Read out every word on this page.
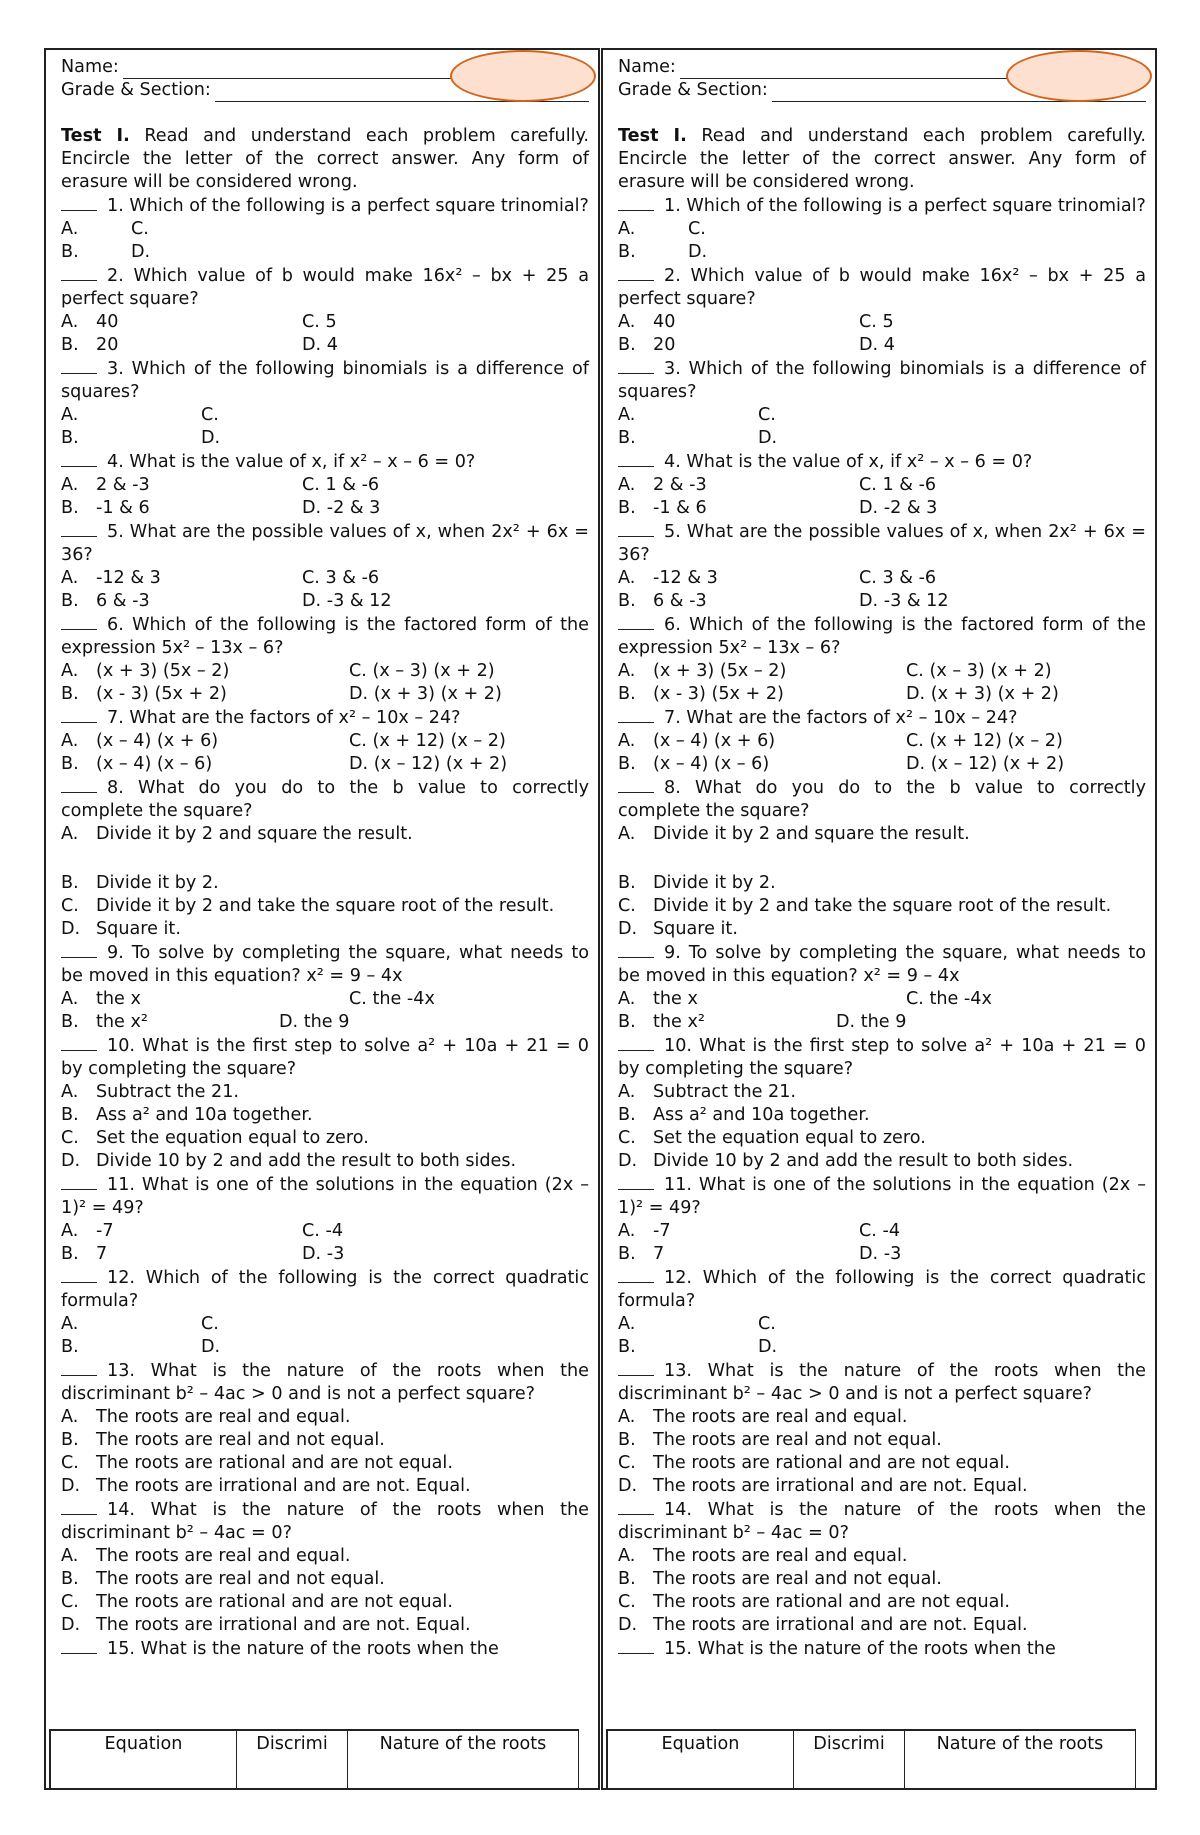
Name:
Grade & Section:
Test I. Read and understand each problem carefully. Encircle the letter of the correct answer. Any form of erasure will be considered wrong.
1. Which of the following is a perfect square trinomial?
A.	C.
B.	D.
2. Which value of b would make 16x² – bx + 25 a perfect square?
A.	40	C. 5
B. 20	D. 4
3. Which of the following binomials is a difference of squares?
A.	C.
B.	D.
4. What is the value of x, if x² – x – 6 = 0?
A.	2 & -3	C. 1 & -6
B. -1 & 6	D. -2 & 3
5. What are the possible values of x, when 2x² + 6x = 36?
A.	-12 & 3	C. 3 & -6
B. 6 & -3	D. -3 & 12
6. Which of the following is the factored form of the expression 5x² – 13x – 6?
A.	(x + 3) (5x – 2)	C. (x – 3) (x + 2)
B. (x - 3) (5x + 2)	D. (x + 3) (x + 2)
7. What are the factors of x² – 10x – 24?
A.	(x – 4) (x + 6)	C. (x + 12) (x – 2)
B. (x – 4) (x – 6)	D. (x – 12) (x + 2)
8. What do you do to the b value to correctly complete the square?
A.	Divide it by 2 and square the result.
B. Divide it by 2.
C. Divide it by 2 and take the square root of the result.
D. Square it.
9. To solve by completing the square, what needs to be moved in this equation? x² = 9 – 4x
A.	the x	C. the -4x
B. the x²	D. the 9
10. What is the first step to solve a² + 10a + 21 = 0 by completing the square?
A.	Subtract the 21.
B. Ass a² and 10a together.
C. Set the equation equal to zero.
D. Divide 10 by 2 and add the result to both sides.
11. What is one of the solutions in the equation (2x – 1)² = 49?
A.	-7	C. -4
B. 7	D. -3
12. Which of the following is the correct quadratic formula?
A.	C.
B.	D.
13. What is the nature of the roots when the discriminant b² – 4ac > 0 and is not a perfect square?
A.	The roots are real and equal.
B. The roots are real and not equal.
C. The roots are rational and are not equal.
D. The roots are irrational and are not. Equal.
14. What is the nature of the roots when the discriminant b² – 4ac = 0?
A.	The roots are real and equal.
B. The roots are real and not equal.
C. The roots are rational and are not equal.
D. The roots are irrational and are not. Equal.
15. What is the nature of the roots when the
Equation	Discrimi	Nature of the roots
Name:
Grade & Section:
Test I. Read and understand each problem carefully. Encircle the letter of the correct answer. Any form of erasure will be considered wrong.
1. Which of the following is a perfect square trinomial?
A.	C.
B.	D.
2. Which value of b would make 16x² – bx + 25 a perfect square?
A.	40	C. 5
B. 20	D. 4
3. Which of the following binomials is a difference of squares?
A.	C.
B.	D.
4. What is the value of x, if x² – x – 6 = 0?
A.	2 & -3	C. 1 & -6
B. -1 & 6	D. -2 & 3
5. What are the possible values of x, when 2x² + 6x = 36?
A.	-12 & 3	C. 3 & -6
B. 6 & -3	D. -3 & 12
6. Which of the following is the factored form of the expression 5x² – 13x – 6?
A.	(x + 3) (5x – 2)	C. (x – 3) (x + 2)
B. (x - 3) (5x + 2)	D. (x + 3) (x + 2)
7. What are the factors of x² – 10x – 24?
A.	(x – 4) (x + 6)	C. (x + 12) (x – 2)
B. (x – 4) (x – 6)	D. (x – 12) (x + 2)
8. What do you do to the b value to correctly complete the square?
A.	Divide it by 2 and square the result.
B. Divide it by 2.
C. Divide it by 2 and take the square root of the result.
D. Square it.
9. To solve by completing the square, what needs to be moved in this equation? x² = 9 – 4x
A.	the x	C. the -4x
B. the x²	D. the 9
10. What is the first step to solve a² + 10a + 21 = 0 by completing the square?
A.	Subtract the 21.
B. Ass a² and 10a together.
C. Set the equation equal to zero.
D. Divide 10 by 2 and add the result to both sides.
11. What is one of the solutions in the equation (2x – 1)² = 49?
A.	-7	C. -4
B. 7	D. -3
12. Which of the following is the correct quadratic formula?
A.	C.
B.	D.
13. What is the nature of the roots when the discriminant b² – 4ac > 0 and is not a perfect square?
A.	The roots are real and equal.
B. The roots are real and not equal.
C. The roots are rational and are not equal.
D. The roots are irrational and are not. Equal.
14. What is the nature of the roots when the discriminant b² – 4ac = 0?
A.	The roots are real and equal.
B. The roots are real and not equal.
C. The roots are rational and are not equal.
D. The roots are irrational and are not. Equal.
15. What is the nature of the roots when the
Equation	Discrimi	Nature of the roots
